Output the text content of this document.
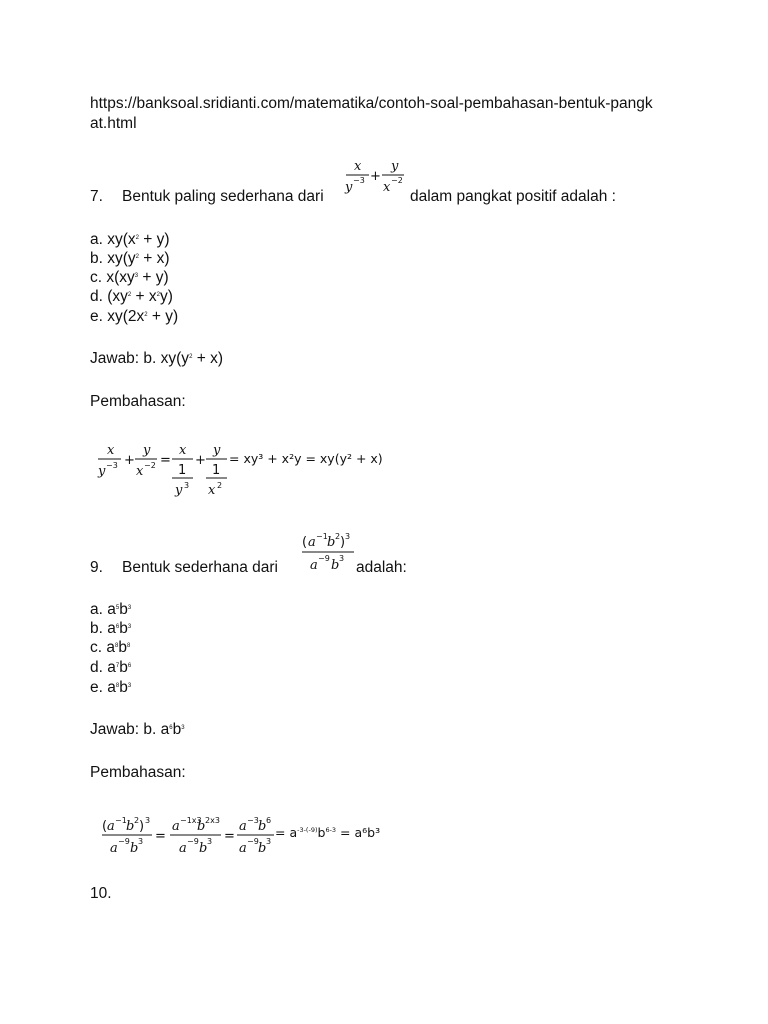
https://banksoal.sridianti.com/matematika/contoh-soal-pembahasan-bentuk-pangkat.html
7. Bentuk paling sederhana dari
x
y −3 +
y
x −2
dalam pangkat positif adalah :
a. $xy(x^2 + y)$
b. $xy(y^2 + x)$
c. $x(xy^3 + y)$
d. $(xy^2 + x^2y)$
e. $xy(2x^2 + y)$
Jawab: b. $xy(y^2 + x)$
Pembahasan:
x
y −3 +
y
x −2 =
x
1
y 3
+
y
1
x 2
= xy³ + x²y = xy(y² + x)
9. Bentuk sederhana dari
( a −1 b 2 ) 3
a −9 b 3
adalah:
a. $a^5b^3$
b. $a^6b^3$
c. $a^8b^8$
d. $a^7b^6$
e. $a^8b^3$
Jawab: b. $a^6b^3$
Pembahasan:
( a −1 b 2 ) 3
a −9 b 3 =
a −1x3
b 2x3
a −9 b 3 =
a −3 b 6
a −9 b 3
= $a^{-3-(-9)}b^{6-3} = a^6b^3$
10.
